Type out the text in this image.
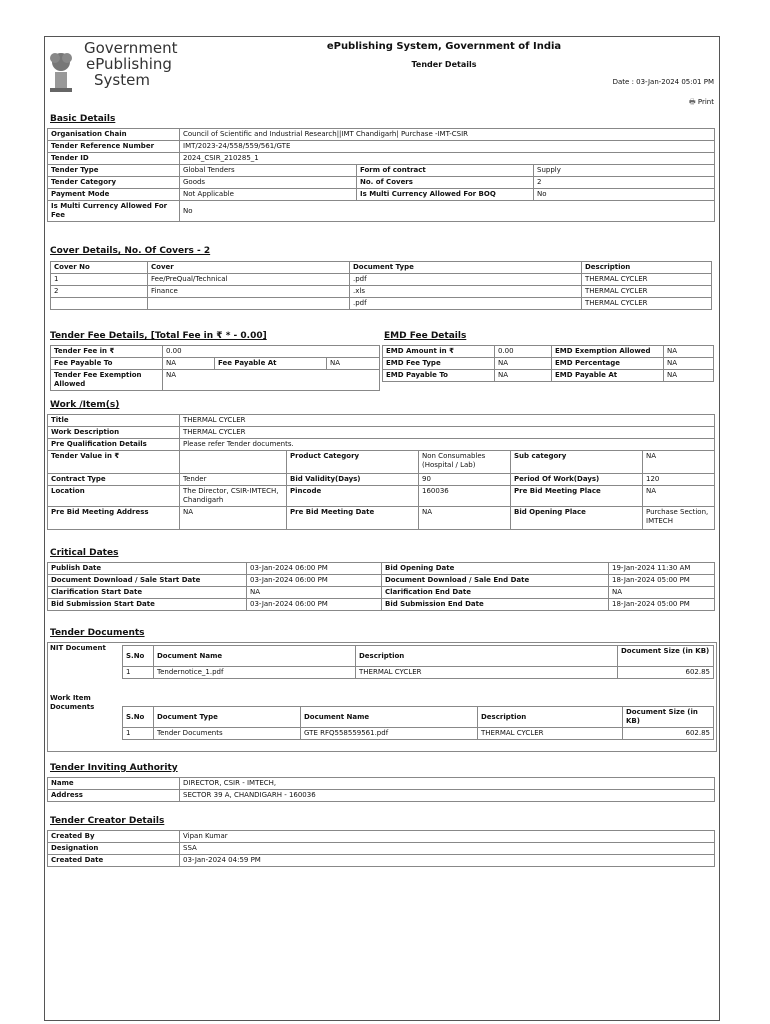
Government
ePublishing
System
ePublishing System, Government of India
Tender Details
Date : 03-Jan-2024 05:01 PM
🖶 Print
Basic Details
Organisation Chain	Council of Scientific and Industrial Research||IMT Chandigarh| Purchase -IMT-CSIR		
Tender Reference Number	IMT/2023-24/558/559/561/GTE		
Tender ID	2024_CSIR_210285_1		
Tender Type	Global Tenders	Form of contract	Supply
Tender Category	Goods	No. of Covers	2
Payment Mode	Not Applicable	Is Multi Currency Allowed For BOQ	No
Is Multi Currency Allowed For Fee	No		
Cover Details, No. Of Covers - 2
Cover No	Cover	Document Type	Description
1	Fee/PreQual/Technical	.pdf	THERMAL CYCLER
2	Finance	.xls	THERMAL CYCLER
		.pdf	THERMAL CYCLER
Tender Fee Details, [Total Fee in ₹ * - 0.00]
Tender Fee in ₹	0.00		
Fee Payable To	NA	Fee Payable At	NA
Tender Fee Exemption Allowed	NA		
EMD Fee Details
EMD Amount in ₹	0.00	EMD Exemption Allowed	NA
EMD Fee Type	NA	EMD Percentage	NA
EMD Payable To	NA	EMD Payable At	NA
Work /Item(s)
Title	THERMAL CYCLER				
Work Description	THERMAL CYCLER				
Pre Qualification Details	Please refer Tender documents.				
Tender Value in ₹		Product Category	Non Consumables (Hospital / Lab)	Sub category	NA
Contract Type	Tender	Bid Validity(Days)	90	Period Of Work(Days)	120
Location	The Director, CSIR-IMTECH, Chandigarh	Pincode	160036	Pre Bid Meeting Place	NA
Pre Bid Meeting Address	NA	Pre Bid Meeting Date	NA	Bid Opening Place	Purchase Section, IMTECH
Critical Dates
Publish Date	03-Jan-2024 06:00 PM	Bid Opening Date	19-Jan-2024 11:30 AM
Document Download / Sale Start Date	03-Jan-2024 06:00 PM	Document Download / Sale End Date	18-Jan-2024 05:00 PM
Clarification Start Date	NA	Clarification End Date	NA
Bid Submission Start Date	03-Jan-2024 06:00 PM	Bid Submission End Date	18-Jan-2024 05:00 PM
Tender Documents
NIT Document
S.No	Document Name	Description	Document Size (in KB)
1	Tendernotice_1.pdf	THERMAL CYCLER	602.85
Work Item Documents
S.No	Document Type	Document Name	Description	Document Size (in KB)
1	Tender Documents	GTE RFQ558559561.pdf	THERMAL CYCLER	602.85
Tender Inviting Authority
Name	DIRECTOR, CSIR - IMTECH,
Address	SECTOR 39 A, CHANDIGARH - 160036
Tender Creator Details
Created By	Vipan Kumar
Designation	SSA
Created Date	03-Jan-2024 04:59 PM
